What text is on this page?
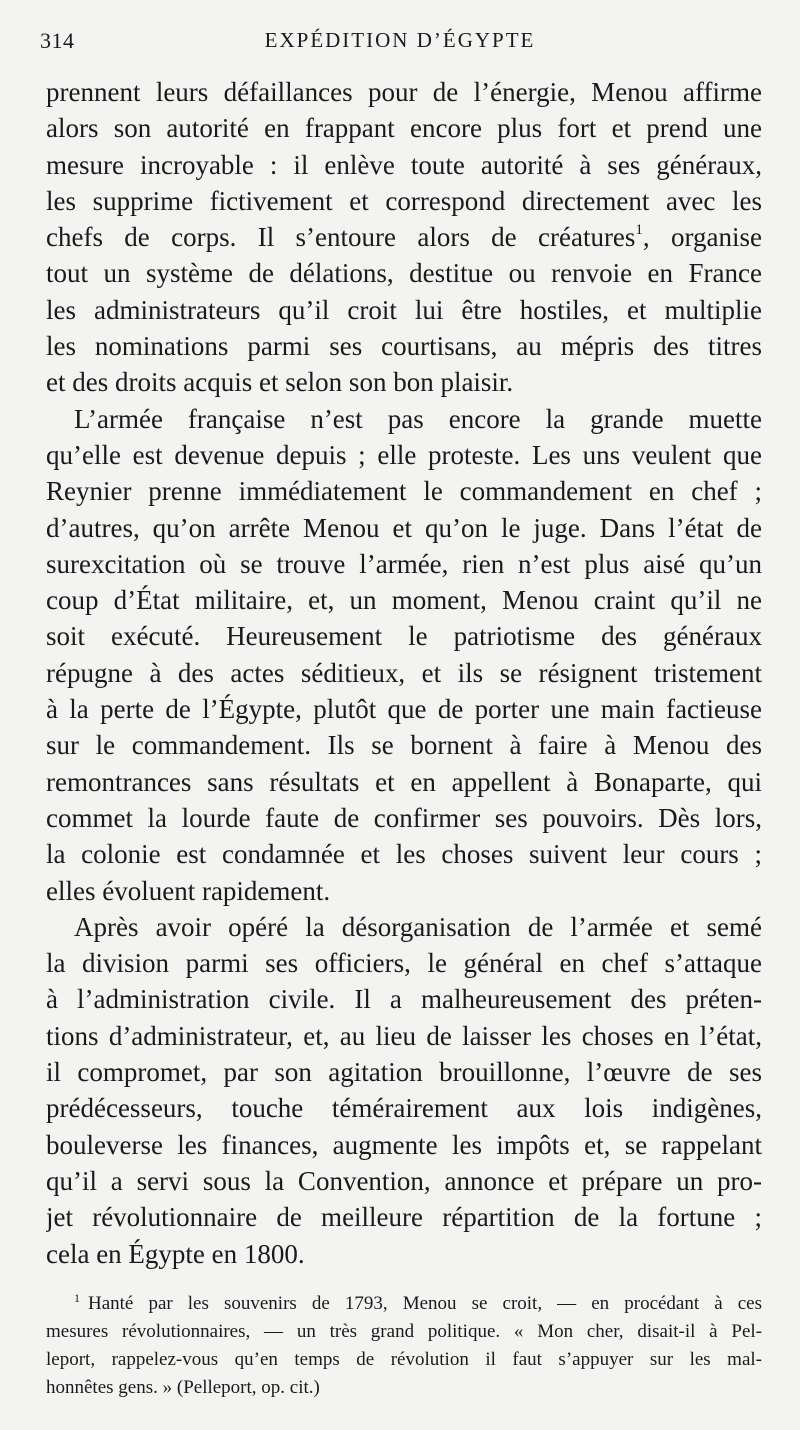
314	EXPÉDITION D’ÉGYPTE
prennent leurs défaillances pour de l’énergie, Menou affirme
alors son autorité en frappant encore plus fort et prend une
mesure incroyable : il enlève toute autorité à ses généraux,
les supprime fictivement et correspond directement avec les
chefs de corps. Il s’entoure alors de créatures$^1$, organise
tout un système de délations, destitue ou renvoie en France
les administrateurs qu’il croit lui être hostiles, et multiplie
les nominations parmi ses courtisans, au mépris des titres
et des droits acquis et selon son bon plaisir.
L’armée française n’est pas encore la grande muette
qu’elle est devenue depuis ; elle proteste. Les uns veulent que
Reynier prenne immédiatement le commandement en chef ;
d’autres, qu’on arrête Menou et qu’on le juge. Dans l’état de
surexcitation où se trouve l’armée, rien n’est plus aisé qu’un
coup d’État militaire, et, un moment, Menou craint qu’il ne
soit exécuté. Heureusement le patriotisme des généraux
répugne à des actes séditieux, et ils se résignent tristement
à la perte de l’Égypte, plutôt que de porter une main factieuse
sur le commandement. Ils se bornent à faire à Menou des
remontrances sans résultats et en appellent à Bonaparte, qui
commet la lourde faute de confirmer ses pouvoirs. Dès lors,
la colonie est condamnée et les choses suivent leur cours ;
elles évoluent rapidement.
Après avoir opéré la désorganisation de l’armée et semé
la division parmi ses officiers, le général en chef s’attaque
à l’administration civile. Il a malheureusement des préten-
tions d’administrateur, et, au lieu de laisser les choses en l’état,
il compromet, par son agitation brouillonne, l’œuvre de ses
prédécesseurs, touche témérairement aux lois indigènes,
bouleverse les finances, augmente les impôts et, se rappelant
qu’il a servi sous la Convention, annonce et prépare un pro-
jet révolutionnaire de meilleure répartition de la fortune ;
cela en Égypte en 1800.
$^1$ Hanté par les souvenirs de 1793, Menou se croit, — en procédant à ces
mesures révolutionnaires, — un très grand politique. « Mon cher, disait-il à Pel-
leport, rappelez-vous qu’en temps de révolution il faut s’appuyer sur les mal-
honnêtes gens. » (Pelleport, op. cit.)
